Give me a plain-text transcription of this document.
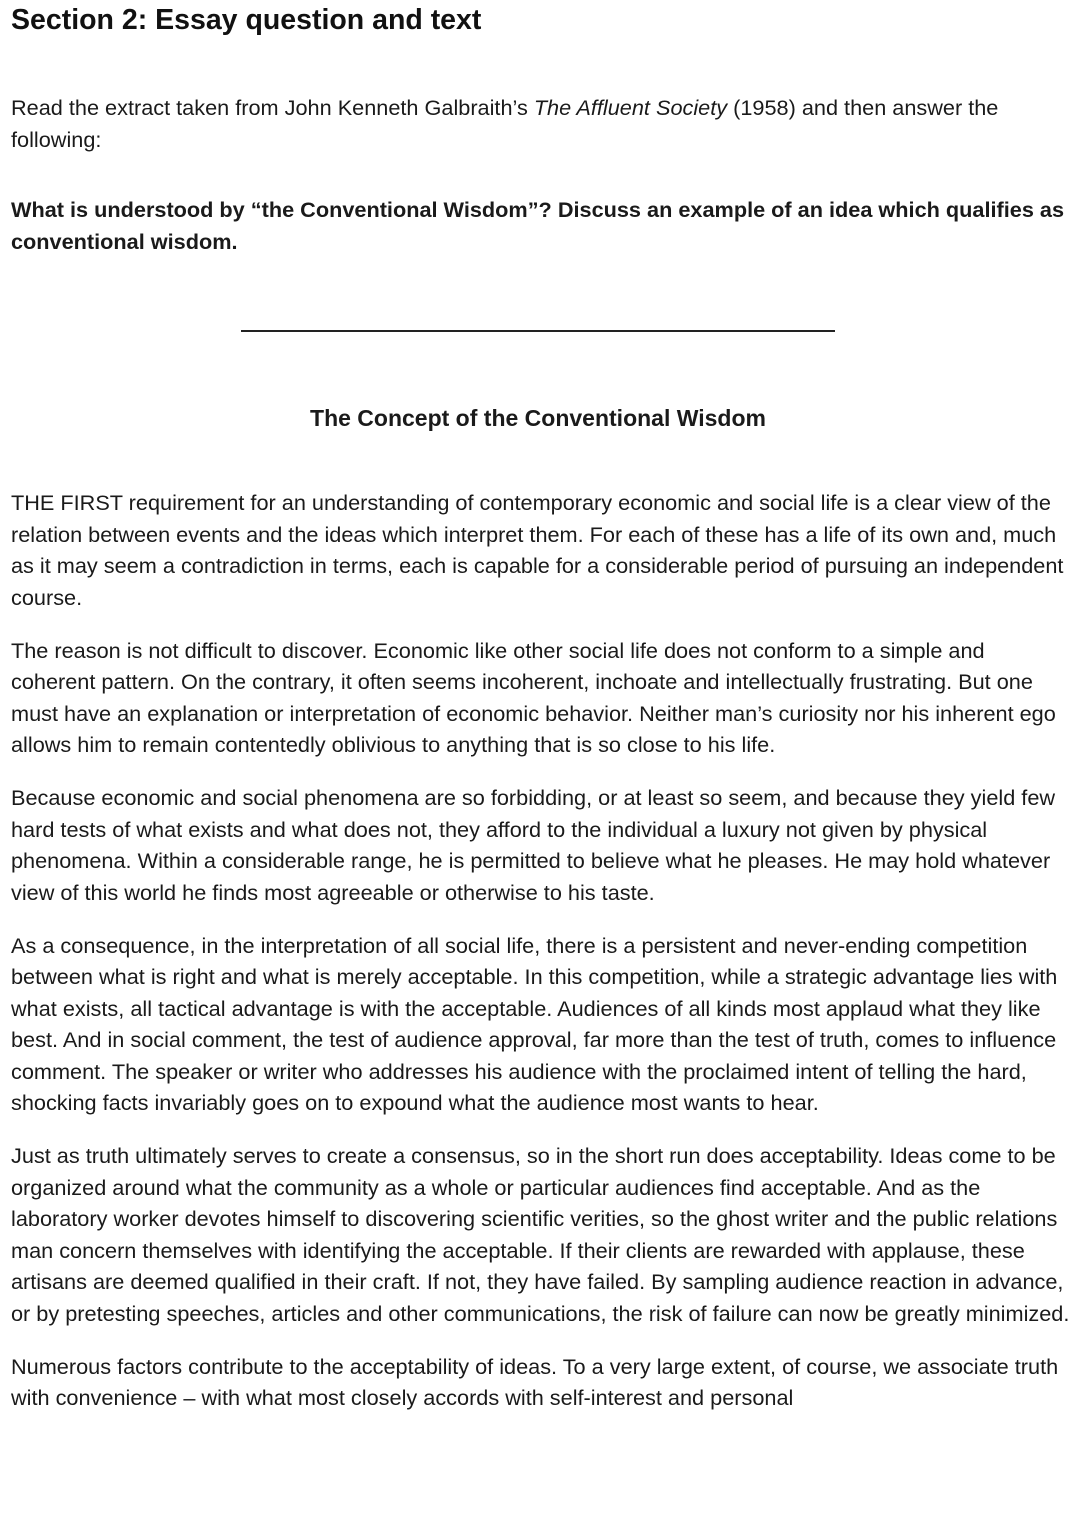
Section 2: Essay question and text

Read the extract taken from John Kenneth Galbraith’s The Affluent Society (1958) and then answer the following:

What is understood by “the Conventional Wisdom”? Discuss an example of an idea which qualifies as conventional wisdom.

The Concept of the Conventional Wisdom

THE FIRST requirement for an understanding of contemporary economic and social life is a clear view of the relation between events and the ideas which interpret them. For each of these has a life of its own and, much as it may seem a contradiction in terms, each is capable for a considerable period of pursuing an independent course.

The reason is not difficult to discover. Economic like other social life does not conform to a simple and coherent pattern. On the contrary, it often seems incoherent, inchoate and intellectually frustrating. But one must have an explanation or interpretation of economic behavior. Neither man’s curiosity nor his inherent ego allows him to remain contentedly oblivious to anything that is so close to his life.

Because economic and social phenomena are so forbidding, or at least so seem, and because they yield few hard tests of what exists and what does not, they afford to the individual a luxury not given by physical phenomena. Within a considerable range, he is permitted to believe what he pleases. He may hold whatever view of this world he finds most agreeable or otherwise to his taste.

As a consequence, in the interpretation of all social life, there is a persistent and never-ending competition between what is right and what is merely acceptable. In this competition, while a strategic advantage lies with what exists, all tactical advantage is with the acceptable. Audiences of all kinds most applaud what they like best. And in social comment, the test of audience approval, far more than the test of truth, comes to influence comment. The speaker or writer who addresses his audience with the proclaimed intent of telling the hard, shocking facts invariably goes on to expound what the audience most wants to hear.

Just as truth ultimately serves to create a consensus, so in the short run does acceptability. Ideas come to be organized around what the community as a whole or particular audiences find acceptable. And as the laboratory worker devotes himself to discovering scientific verities, so the ghost writer and the public relations man concern themselves with identifying the acceptable. If their clients are rewarded with applause, these artisans are deemed qualified in their craft. If not, they have failed. By sampling audience reaction in advance, or by pretesting speeches, articles and other communications, the risk of failure can now be greatly minimized.

Numerous factors contribute to the acceptability of ideas. To a very large extent, of course, we associate truth with convenience – with what most closely accords with self-interest and personal
